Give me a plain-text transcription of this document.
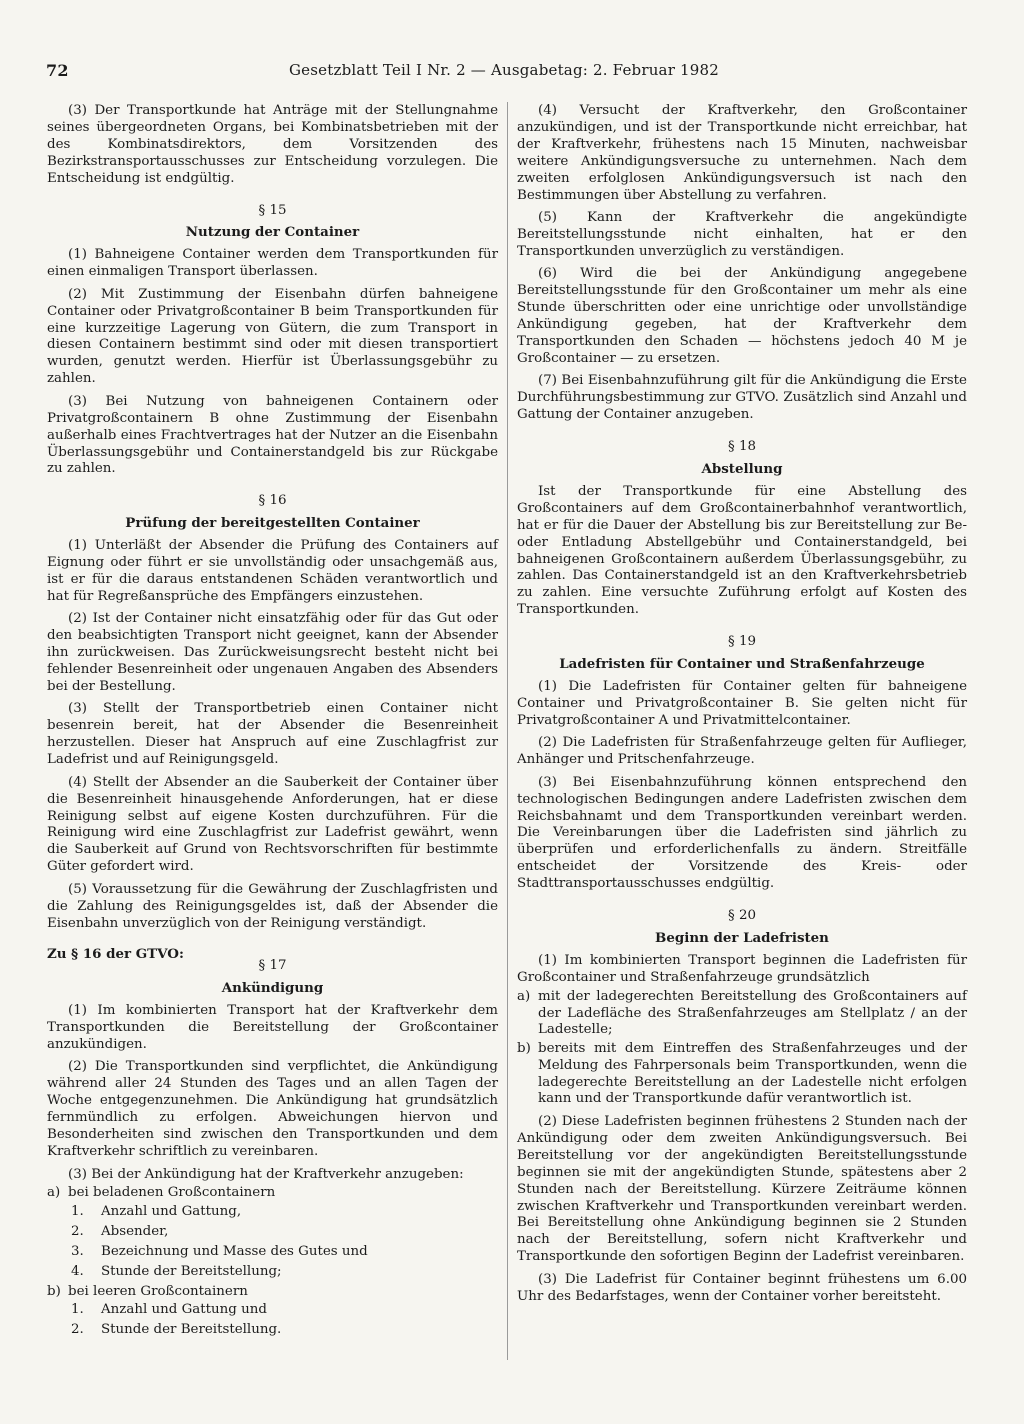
72	Gesetzblatt Teil I Nr. 2 — Ausgabetag: 2. Februar 1982

(3) Der Transportkunde hat Anträge mit der Stellungnahme seines übergeordneten Organs, bei Kombinatsbetrieben mit der des Kombinatsdirektors, dem Vorsitzenden des Bezirkstransportausschusses zur Entscheidung vorzulegen. Die Entscheidung ist endgültig.

§ 15
Nutzung der Container

(1) Bahneigene Container werden dem Transportkunden für einen einmaligen Transport überlassen.

(2) Mit Zustimmung der Eisenbahn dürfen bahneigene Container oder Privatgroßcontainer B beim Transportkunden für eine kurzzeitige Lagerung von Gütern, die zum Transport in diesen Containern bestimmt sind oder mit diesen transportiert wurden, genutzt werden. Hierfür ist Überlassungsgebühr zu zahlen.

(3) Bei Nutzung von bahneigenen Containern oder Privatgroßcontainern B ohne Zustimmung der Eisenbahn außerhalb eines Frachtvertrages hat der Nutzer an die Eisenbahn Überlassungsgebühr und Containerstandgeld bis zur Rückgabe zu zahlen.

§ 16
Prüfung der bereitgestellten Container

(1) Unterläßt der Absender die Prüfung des Containers auf Eignung oder führt er sie unvollständig oder unsachgemäß aus, ist er für die daraus entstandenen Schäden verantwortlich und hat für Regreßansprüche des Empfängers einzustehen.

(2) Ist der Container nicht einsatzfähig oder für das Gut oder den beabsichtigten Transport nicht geeignet, kann der Absender ihn zurückweisen. Das Zurückweisungsrecht besteht nicht bei fehlender Besenreinheit oder ungenauen Angaben des Absenders bei der Bestellung.

(3) Stellt der Transportbetrieb einen Container nicht besenrein bereit, hat der Absender die Besenreinheit herzustellen. Dieser hat Anspruch auf eine Zuschlagfrist zur Ladefrist und auf Reinigungsgeld.

(4) Stellt der Absender an die Sauberkeit der Container über die Besenreinheit hinausgehende Anforderungen, hat er diese Reinigung selbst auf eigene Kosten durchzuführen. Für die Reinigung wird eine Zuschlagfrist zur Ladefrist gewährt, wenn die Sauberkeit auf Grund von Rechtsvorschriften für bestimmte Güter gefordert wird.

(5) Voraussetzung für die Gewährung der Zuschlagfristen und die Zahlung des Reinigungsgeldes ist, daß der Absender die Eisenbahn unverzüglich von der Reinigung verständigt.

Zu § 16 der GTVO:
§ 17
Ankündigung

(1) Im kombinierten Transport hat der Kraftverkehr dem Transportkunden die Bereitstellung der Großcontainer anzukündigen.

(2) Die Transportkunden sind verpflichtet, die Ankündigung während aller 24 Stunden des Tages und an allen Tagen der Woche entgegenzunehmen. Die Ankündigung hat grundsätzlich fernmündlich zu erfolgen. Abweichungen hiervon und Besonderheiten sind zwischen den Transportkunden und dem Kraftverkehr schriftlich zu vereinbaren.

(3) Bei der Ankündigung hat der Kraftverkehr anzugeben:

a) bei beladenen Großcontainern
1.	Anzahl und Gattung,
2.	Absender,
3.	Bezeichnung und Masse des Gutes und
4.	Stunde der Bereitstellung;
b) bei leeren Großcontainern
1.	Anzahl und Gattung und
2.	Stunde der Bereitstellung.

(4) Versucht der Kraftverkehr, den Großcontainer anzukündigen, und ist der Transportkunde nicht erreichbar, hat der Kraftverkehr, frühestens nach 15 Minuten, nachweisbar weitere Ankündigungsversuche zu unternehmen. Nach dem zweiten erfolglosen Ankündigungsversuch ist nach den Bestimmungen über Abstellung zu verfahren.

(5) Kann der Kraftverkehr die angekündigte Bereitstellungsstunde nicht einhalten, hat er den Transportkunden unverzüglich zu verständigen.

(6) Wird die bei der Ankündigung angegebene Bereitstellungsstunde für den Großcontainer um mehr als eine Stunde überschritten oder eine unrichtige oder unvollständige Ankündigung gegeben, hat der Kraftverkehr dem Transportkunden den Schaden — höchstens jedoch 40 M je Großcontainer — zu ersetzen.

(7) Bei Eisenbahnzuführung gilt für die Ankündigung die Erste Durchführungsbestimmung zur GTVO. Zusätzlich sind Anzahl und Gattung der Container anzugeben.

§ 18
Abstellung

Ist der Transportkunde für eine Abstellung des Großcontainers auf dem Großcontainerbahnhof verantwortlich, hat er für die Dauer der Abstellung bis zur Bereitstellung zur Be- oder Entladung Abstellgebühr und Containerstandgeld, bei bahneigenen Großcontainern außerdem Überlassungsgebühr, zu zahlen. Das Containerstandgeld ist an den Kraftverkehrsbetrieb zu zahlen. Eine versuchte Zuführung erfolgt auf Kosten des Transportkunden.

§ 19
Ladefristen für Container und Straßenfahrzeuge

(1) Die Ladefristen für Container gelten für bahneigene Container und Privatgroßcontainer B. Sie gelten nicht für Privatgroßcontainer A und Privatmittelcontainer.

(2) Die Ladefristen für Straßenfahrzeuge gelten für Auflieger, Anhänger und Pritschenfahrzeuge.

(3) Bei Eisenbahnzuführung können entsprechend den technologischen Bedingungen andere Ladefristen zwischen dem Reichsbahnamt und dem Transportkunden vereinbart werden. Die Vereinbarungen über die Ladefristen sind jährlich zu überprüfen und erforderlichenfalls zu ändern. Streitfälle entscheidet der Vorsitzende des Kreis- oder Stadttransportausschusses endgültig.

§ 20
Beginn der Ladefristen

(1) Im kombinierten Transport beginnen die Ladefristen für Großcontainer und Straßenfahrzeuge grundsätzlich

a) mit der ladegerechten Bereitstellung des Großcontainers auf der Ladefläche des Straßenfahrzeuges am Stellplatz / an der Ladestelle;
b) bereits mit dem Eintreffen des Straßenfahrzeuges und der Meldung des Fahrpersonals beim Transportkunden, wenn die ladegerechte Bereitstellung an der Ladestelle nicht erfolgen kann und der Transportkunde dafür verantwortlich ist.

(2) Diese Ladefristen beginnen frühestens 2 Stunden nach der Ankündigung oder dem zweiten Ankündigungsversuch. Bei Bereitstellung vor der angekündigten Bereitstellungsstunde beginnen sie mit der angekündigten Stunde, spätestens aber 2 Stunden nach der Bereitstellung. Kürzere Zeiträume können zwischen Kraftverkehr und Transportkunden vereinbart werden. Bei Bereitstellung ohne Ankündigung beginnen sie 2 Stunden nach der Bereitstellung, sofern nicht Kraftverkehr und Transportkunde den sofortigen Beginn der Ladefrist vereinbaren.

(3) Die Ladefrist für Container beginnt frühestens um 6.00 Uhr des Bedarfstages, wenn der Container vorher bereitsteht.
